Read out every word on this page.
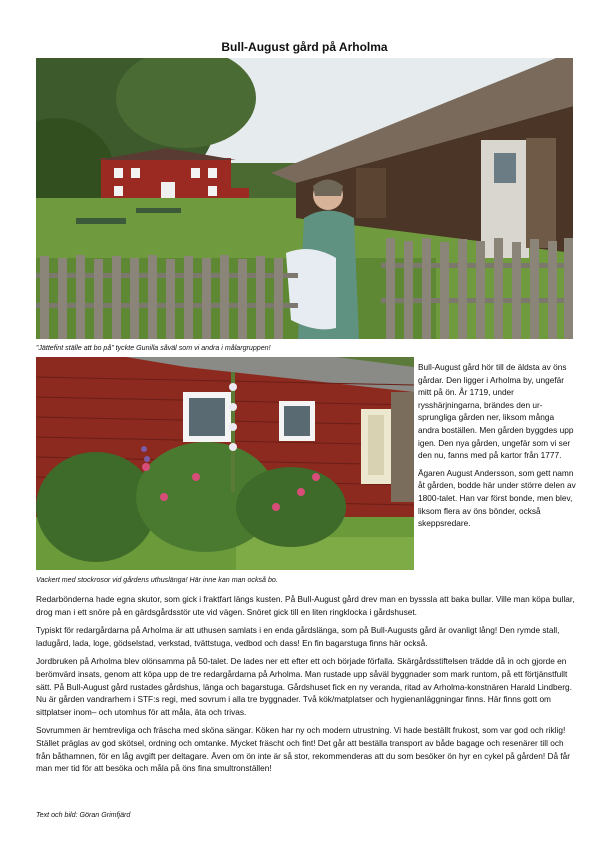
Bull-August gård på Arholma
”Jättefint ställe att bo på” tyckte Gunilla såväl som vi andra i målargruppen!
Vackert med stockrosor vid gårdens uthuslänga! Här inne kan man också bo.

Bull-August gård hör till de äldsta av öns gårdar. Den ligger i Arholma by, ungefär mitt på ön. År 1719, under rysshärjningarna, brändes den ur-sprungliga gården ner, liksom många andra boställen. Men gården byggdes upp igen. Den nya gården, ungefär som vi ser den nu, fanns med på kartor från 1777.

Ägaren August Andersson, som gett namn åt gården, bodde här under större delen av 1800-talet. Han var först bonde, men blev, liksom flera av öns bönder, också skeppsredare.

Redarbönderna hade egna skutor, som gick i fraktfart längs kusten. På Bull-August gård drev man en bysssla att baka bullar. Ville man köpa bullar, drog man i ett snöre på en gärdsgårdsstör ute vid vägen. Snöret gick till en liten ringklocka i gårdshuset.

Typiskt för redargårdarna på Arholma är att uthusen samlats i en enda gårdslänga, som på Bull-Augusts gård är ovanligt lång! Den rymde stall, ladugård, lada, loge, gödselstad, verkstad, tvättstuga, vedbod och dass! En fin bagarstuga finns här också.

Jordbruken på Arholma blev olönsamma på 50-talet. De lades ner ett efter ett och började förfalla. Skärgårdsstiftelsen trädde då in och gjorde en berömvärd insats, genom att köpa upp de tre redargårdarna på Arholma. Man rustade upp såväl byggnader som mark runtom, på ett förtjänstfullt sätt. På Bull-August gård rustades gårdshus, länga och bagarstuga. Gårdshuset fick en ny veranda, ritad av Arholma-konstnären Harald Lindberg. Nu är gården vandrarhem i STF:s regi, med sovrum i alla tre byggnader. Två kök/matplatser och hygienanläggningar finns. Här finns gott om sittplatser inom– och utomhus för att måla, äta och trivas.

Sovrummen är hemtrevliga och fräscha med sköna sängar. Köken har ny och modern utrustning. Vi hade beställt frukost, som var god och riklig! Stället präglas av god skötsel, ordning och omtanke. Mycket fräscht och fint! Det går att beställa transport av både bagage och resenärer till och från båthamnen, för en låg avgift per deltagare. Även om ön inte är så stor, rekommenderas att du som besöker ön hyr en cykel på gården! Då får man mer tid för att besöka och måla på öns fina smultronställen!

Text och bild: Göran Grimfjärd
